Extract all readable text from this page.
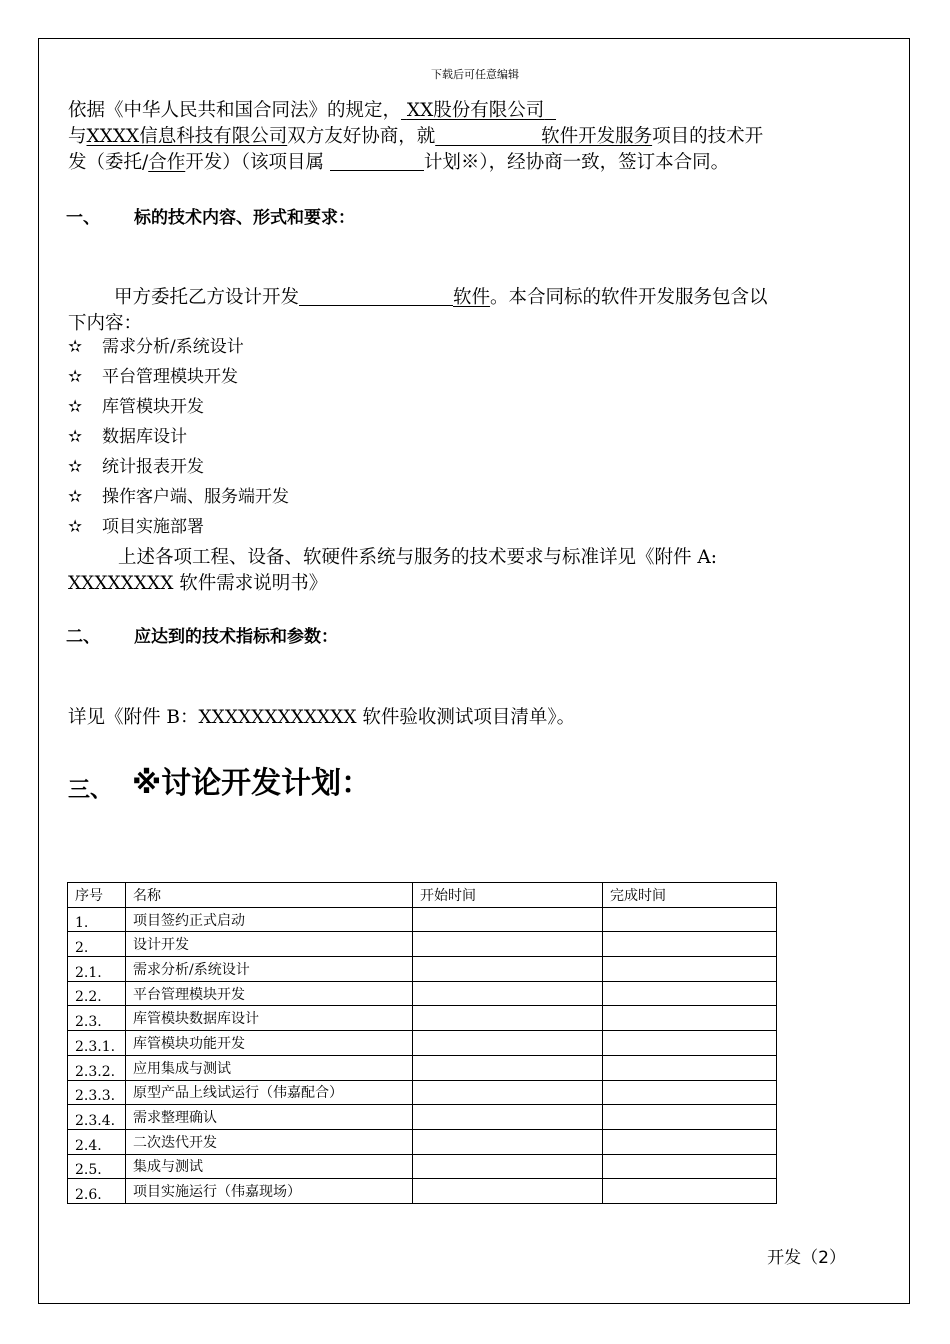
下载后可任意编辑
依据《中华人民共和国合同法》的规定， XX股份有限公司
与XXXX信息科技有限公司双方友好协商，就	软件开发服务项目的技术开
发（委托/合作开发）（该项目属	计划※），经协商一致，签订本合同。
一、 标的技术内容、形式和要求：
甲方委托乙方设计开发	软件。本合同标的软件开发服务包含以
下内容：
✫ 需求分析/系统设计
✫ 平台管理模块开发
✫ 库管模块开发
✫ 数据库设计
✫ 统计报表开发
✫ 操作客户端、服务端开发
✫ 项目实施部署
上述各项工程、设备、软硬件系统与服务的技术要求与标准详见《附件 A:
XXXXXXXX 软件需求说明书》
二、 应达到的技术指标和参数：
详见《附件 B：XXXXXXXXXXXX 软件验收测试项目清单》。
三、 ※讨论开发计划：
序号	名称	开始时间	完成时间
1.	项目签约正式启动		
2.	设计开发		
2.1.	需求分析/系统设计		
2.2.	平台管理模块开发		
2.3.	库管模块数据库设计		
2.3.1.	库管模块功能开发		
2.3.2.	应用集成与测试		
2.3.3.	原型产品上线试运行（伟嘉配合）		
2.3.4.	需求整理确认		
2.4.	二次迭代开发		
2.5.	集成与测试		
2.6.	项目实施运行（伟嘉现场）		
开发（2）
